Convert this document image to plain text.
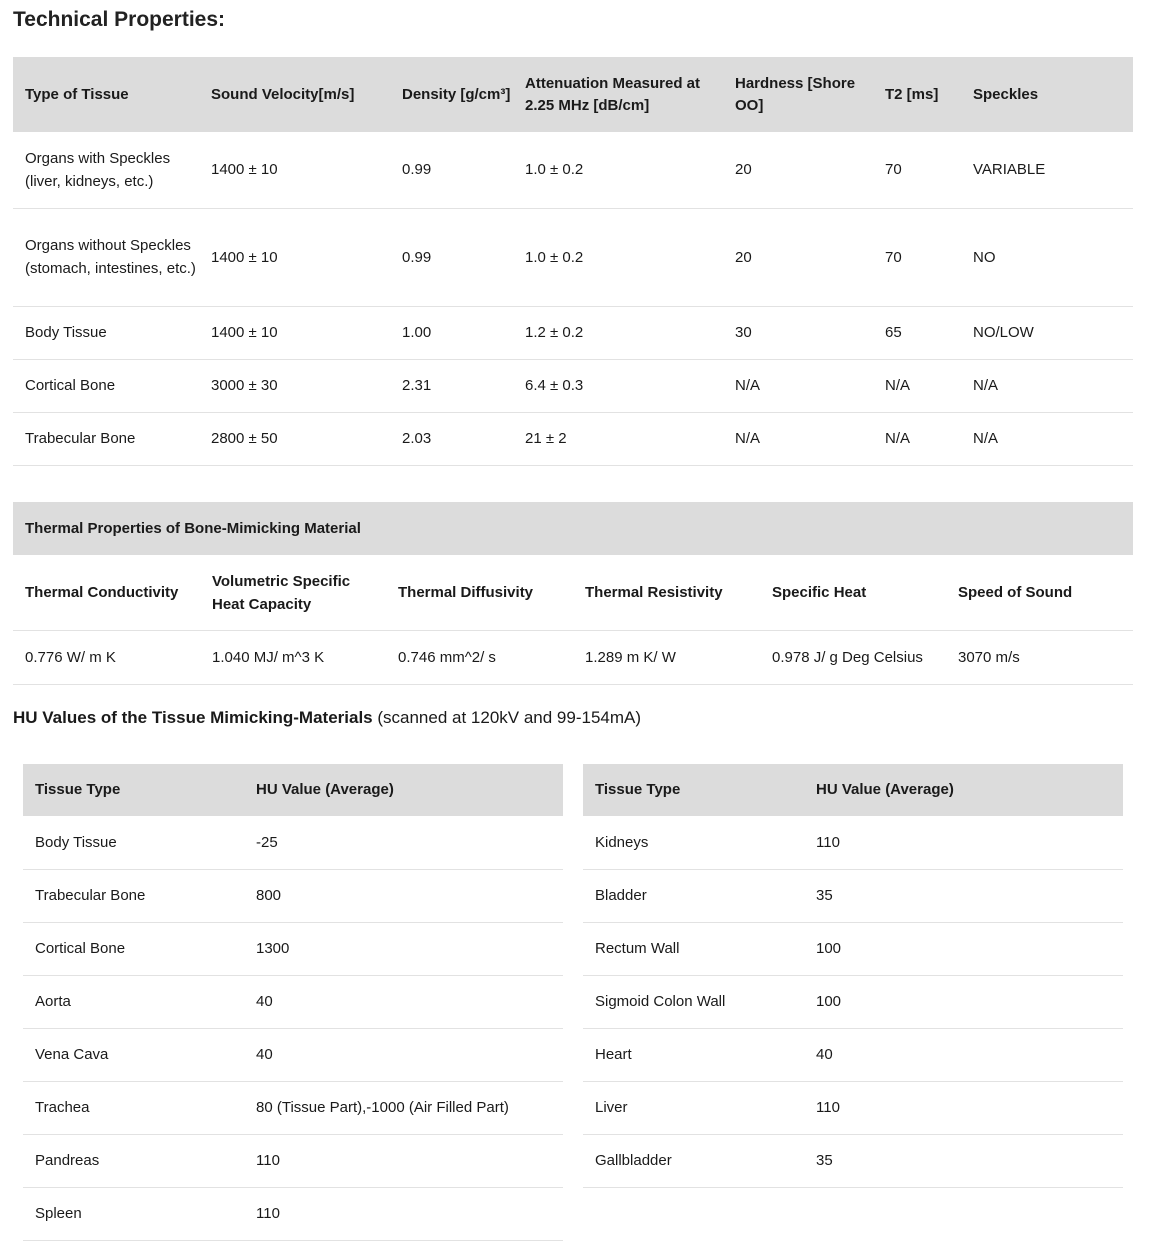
Technical Properties:
Type of Tissue	Sound Velocity[m/s]	Density [g/cm³]	Attenuation Measured at 2.25 MHz [dB/cm]	Hardness [Shore OO]	T2 [ms]	Speckles
Organs with Speckles (liver, kidneys, etc.)	1400 ± 10	0.99	1.0 ± 0.2	20	70	VARIABLE
Organs without Speckles (stomach, intestines, etc.)	1400 ± 10	0.99	1.0 ± 0.2	20	70	NO
Body Tissue	1400 ± 10	1.00	1.2 ± 0.2	30	65	NO/LOW
Cortical Bone	3000 ± 30	2.31	6.4 ± 0.3	N/A	N/A	N/A
Trabecular Bone	2800 ± 50	2.03	21 ± 2	N/A	N/A	N/A
Thermal Properties of Bone-Mimicking Material					
Thermal Conductivity	Volumetric Specific Heat Capacity	Thermal Diffusivity	Thermal Resistivity	Specific Heat	Speed of Sound
0.776 W/ m K	1.040 MJ/ m^3 K	0.746 mm^2/ s	1.289 m K/ W	0.978 J/ g Deg Celsius	3070 m/s
HU Values of the Tissue Mimicking-Materials (scanned at 120kV and 99-154mA)
Tissue Type	HU Value (Average)
Body Tissue	-25
Trabecular Bone	800
Cortical Bone	1300
Aorta	40
Vena Cava	40
Trachea	80 (Tissue Part),-1000 (Air Filled Part)
Pandreas	110
Spleen	110
Tissue Type	HU Value (Average)
Kidneys	110
Bladder	35
Rectum Wall	100
Sigmoid Colon Wall	100
Heart	40
Liver	110
Gallbladder	35
